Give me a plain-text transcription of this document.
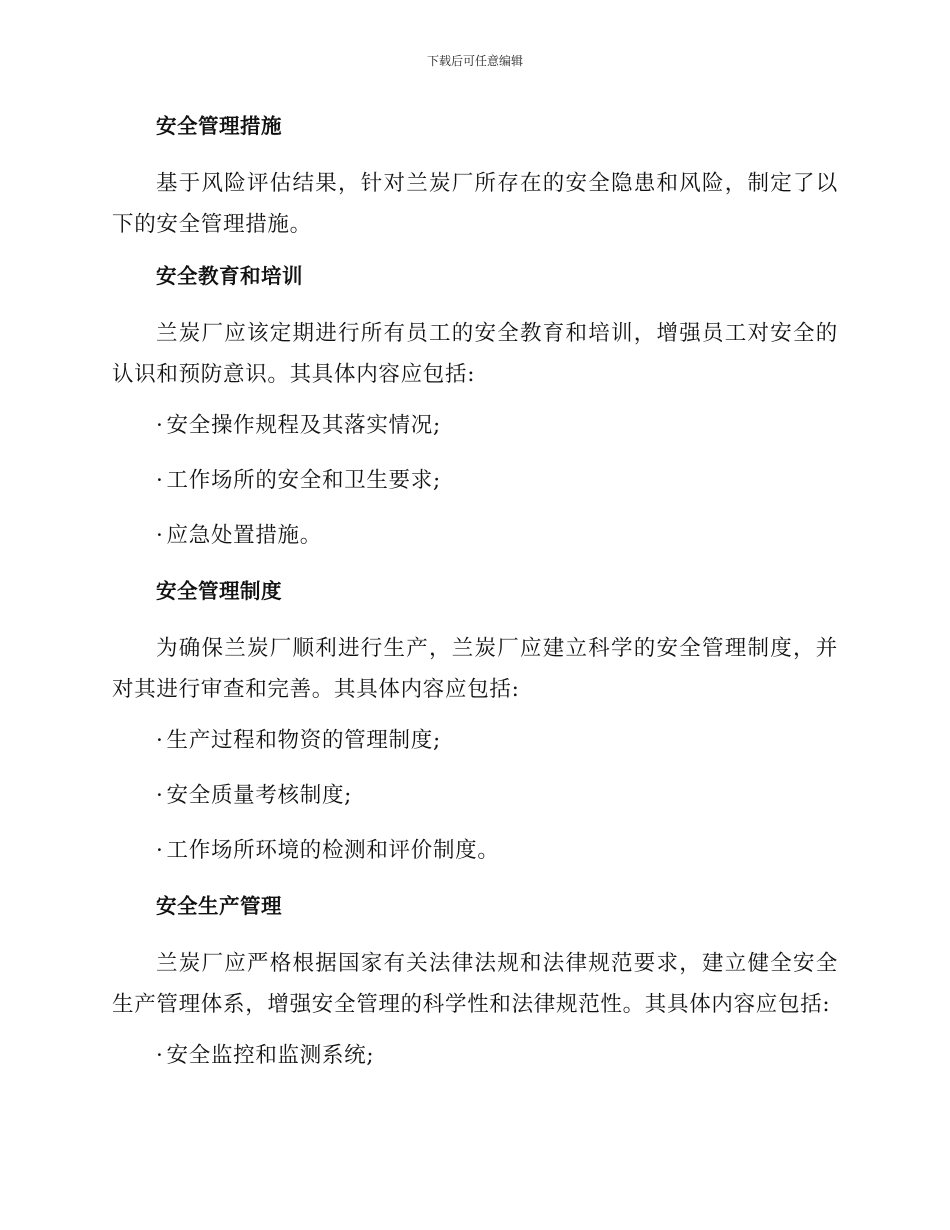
下载后可任意编辑
安全管理措施
基于风险评估结果，针对兰炭厂所存在的安全隐患和风险，制定了以下的安全管理措施。
安全教育和培训
兰炭厂应该定期进行所有员工的安全教育和培训，增强员工对安全的认识和预防意识。其具体内容应包括:
· 安全操作规程及其落实情况;
· 工作场所的安全和卫生要求;
· 应急处置措施。
安全管理制度
为确保兰炭厂顺利进行生产，兰炭厂应建立科学的安全管理制度，并对其进行审查和完善。其具体内容应包括:
· 生产过程和物资的管理制度;
· 安全质量考核制度;
· 工作场所环境的检测和评价制度。
安全生产管理
兰炭厂应严格根据国家有关法律法规和法律规范要求，建立健全安全生产管理体系，增强安全管理的科学性和法律规范性。其具体内容应包括:
· 安全监控和监测系统;
